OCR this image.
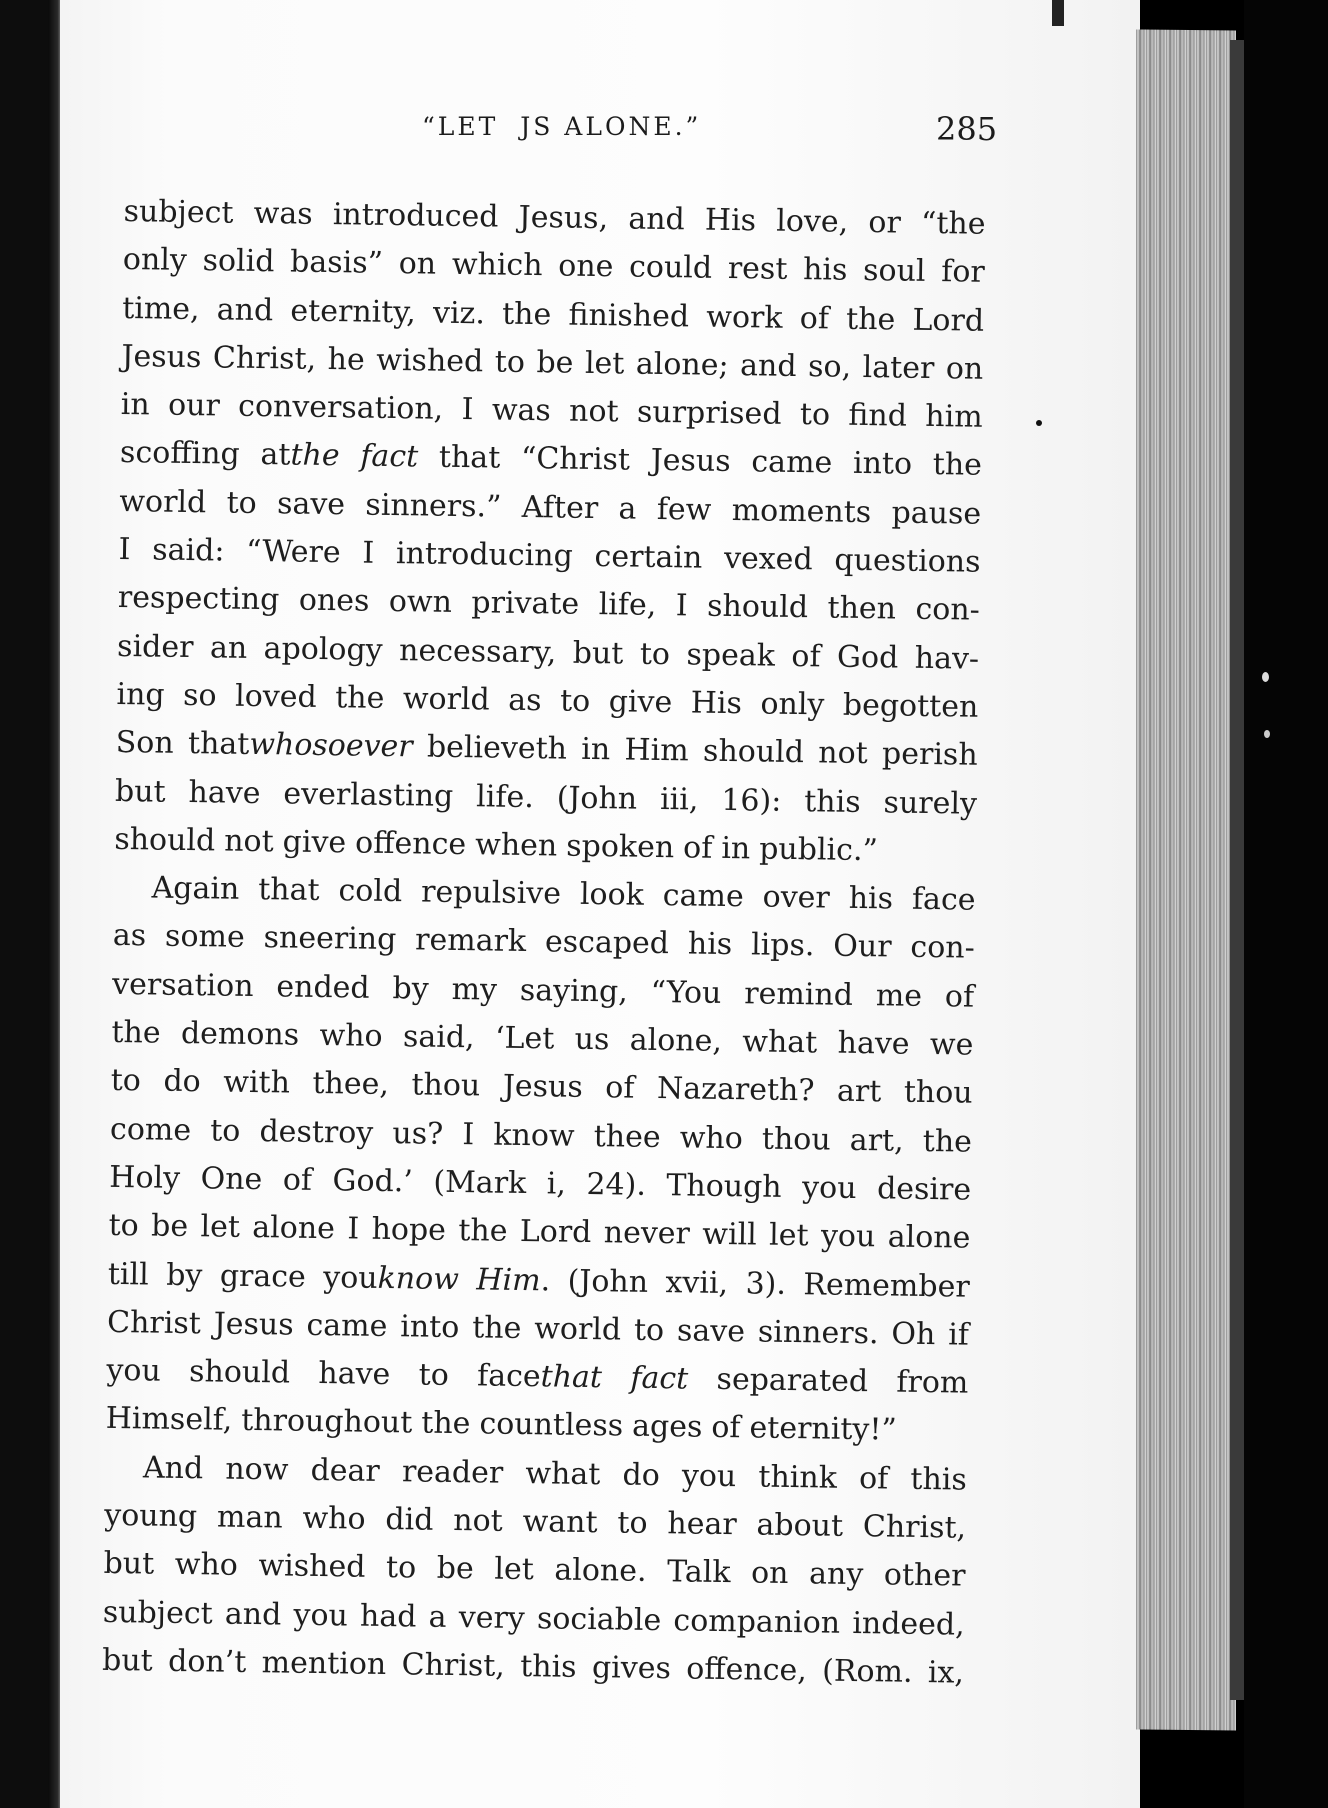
“LET  JS ALONE.”	285
subject was introduced Jesus, and His love, or “the
only solid basis” on which one could rest his soul for
time, and eternity, viz. the finished work of the Lord
Jesus Christ, he wished to be let alone; and so, later on
in our conversation, I was not surprised to find him
scoffing atthe fact that “Christ Jesus came into the
world to save sinners.” After a few moments pause
I said: “Were I introducing certain vexed questions
respecting ones own private life, I should then con-
sider an apology necessary, but to speak of God hav-
ing so loved the world as to give His only begotten
Son thatwhosoever believeth in Him should not perish
but have everlasting life. (John iii, 16): this surely
should not give offence when spoken of in public.”
Again that cold repulsive look came over his face
as some sneering remark escaped his lips. Our con-
versation ended by my saying, “You remind me of
the demons who said, ‘Let us alone, what have we
to do with thee, thou Jesus of Nazareth? art thou
come to destroy us? I know thee who thou art, the
Holy One of God.’ (Mark i, 24). Though you desire
to be let alone I hope the Lord never will let you alone
till by grace youknow Him. (John xvii, 3). Remember
Christ Jesus came into the world to save sinners. Oh if
you should have to facethat fact separated from
Himself, throughout the countless ages of eternity!”
And now dear reader what do you think of this
young man who did not want to hear about Christ,
but who wished to be let alone. Talk on any other
subject and you had a very sociable companion indeed,
but don’t mention Christ, this gives offence, (Rom. ix,
